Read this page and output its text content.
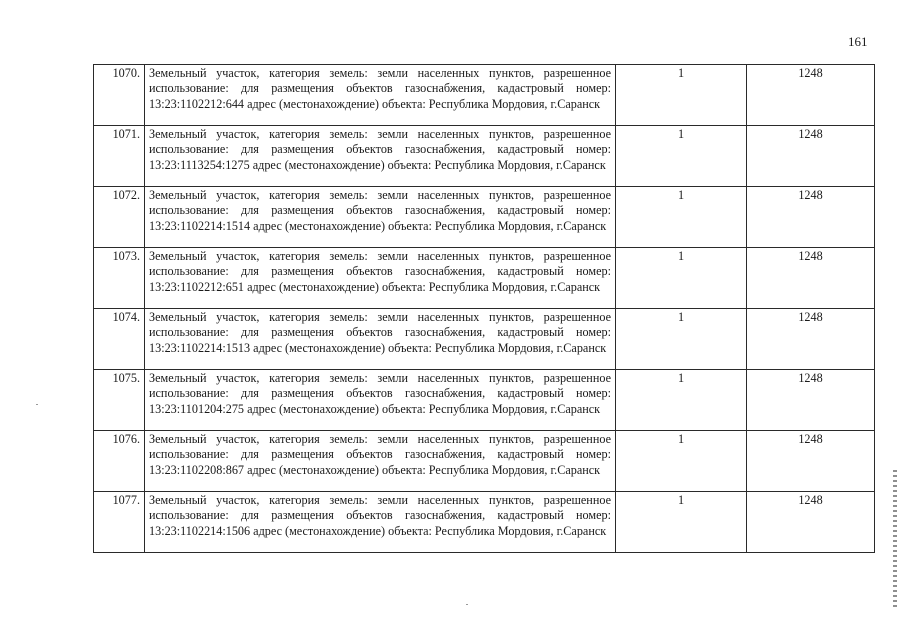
161
1070.	Земельный участок, категория земель: земли населенных пунктов, разрешенное использование: для размещения объектов газоснабжения, кадастровый номер: 13:23:1102212:644 адрес (местонахождение) объекта: Республика Мордовия, г.Саранск	1	1248
1071.	Земельный участок, категория земель: земли населенных пунктов, разрешенное использование: для размещения объектов газоснабжения, кадастровый номер: 13:23:1113254:1275 адрес (местонахождение) объекта: Республика Мордовия, г.Саранск	1	1248
1072.	Земельный участок, категория земель: земли населенных пунктов, разрешенное использование: для размещения объектов газоснабжения, кадастровый номер: 13:23:1102214:1514 адрес (местонахождение) объекта: Республика Мордовия, г.Саранск	1	1248
1073.	Земельный участок, категория земель: земли населенных пунктов, разрешенное использование: для размещения объектов газоснабжения, кадастровый номер: 13:23:1102212:651 адрес (местонахождение) объекта: Республика Мордовия, г.Саранск	1	1248
1074.	Земельный участок, категория земель: земли населенных пунктов, разрешенное использование: для размещения объектов газоснабжения, кадастровый номер: 13:23:1102214:1513 адрес (местонахождение) объекта: Республика Мордовия, г.Саранск	1	1248
1075.	Земельный участок, категория земель: земли населенных пунктов, разрешенное использование: для размещения объектов газоснабжения, кадастровый номер: 13:23:1101204:275 адрес (местонахождение) объекта: Республика Мордовия, г.Саранск	1	1248
1076.	Земельный участок, категория земель: земли населенных пунктов, разрешенное использование: для размещения объектов газоснабжения, кадастровый номер: 13:23:1102208:867 адрес (местонахождение) объекта: Республика Мордовия, г.Саранск	1	1248
1077.	Земельный участок, категория земель: земли населенных пунктов, разрешенное использование: для размещения объектов газоснабжения, кадастровый номер: 13:23:1102214:1506 адрес (местонахождение) объекта: Республика Мордовия, г.Саранск	1	1248
